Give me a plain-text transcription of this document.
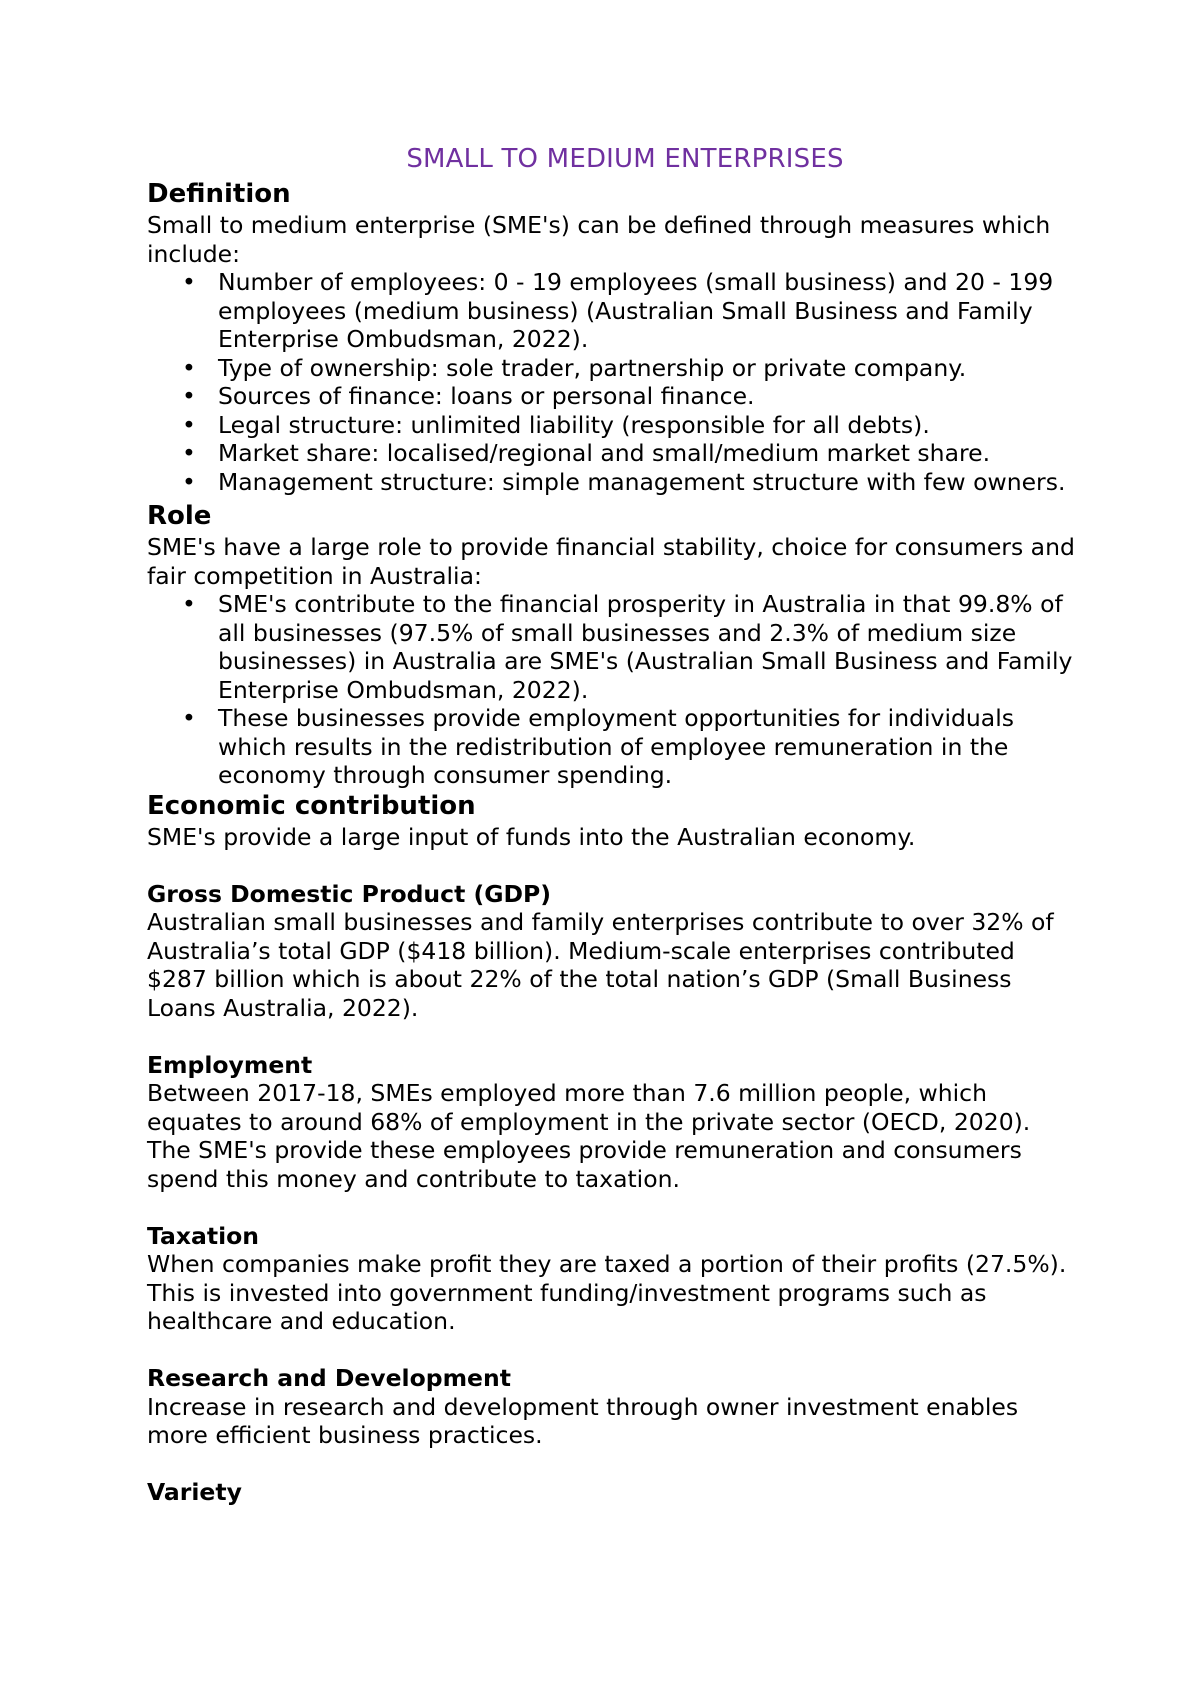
SMALL TO MEDIUM ENTERPRISES
Definition

Small to medium enterprise (SME's) can be defined through measures which include:

• Number of employees: 0 - 19 employees (small business) and 20 - 199 employees (medium business) (Australian Small Business and Family Enterprise Ombudsman, 2022).
• Type of ownership: sole trader, partnership or private company.
• Sources of finance: loans or personal finance.
• Legal structure: unlimited liability (responsible for all debts).
• Market share: localised/regional and small/medium market share.
• Management structure: simple management structure with few owners.
Role

SME's have a large role to provide financial stability, choice for consumers and fair competition in Australia:

• SME's contribute to the financial prosperity in Australia in that 99.8% of all businesses (97.5% of small businesses and 2.3% of medium size businesses) in Australia are SME's (Australian Small Business and Family Enterprise Ombudsman, 2022).
• These businesses provide employment opportunities for individuals which results in the redistribution of employee remuneration in the economy through consumer spending.
Economic contribution

SME's provide a large input of funds into the Australian economy.

Gross Domestic Product (GDP)

Australian small businesses and family enterprises contribute to over 32% of Australia’s total GDP ($418 billion). Medium-scale enterprises contributed $287 billion which is about 22% of the total nation’s GDP (Small Business Loans Australia, 2022).

Employment

Between 2017-18, SMEs employed more than 7.6 million people, which equates to around 68% of employment in the private sector (OECD, 2020). The SME's provide these employees provide remuneration and consumers spend this money and contribute to taxation.

Taxation

When companies make profit they are taxed a portion of their profits (27.5%). This is invested into government funding/investment programs such as healthcare and education.

Research and Development

Increase in research and development through owner investment enables more efficient business practices.

Variety
